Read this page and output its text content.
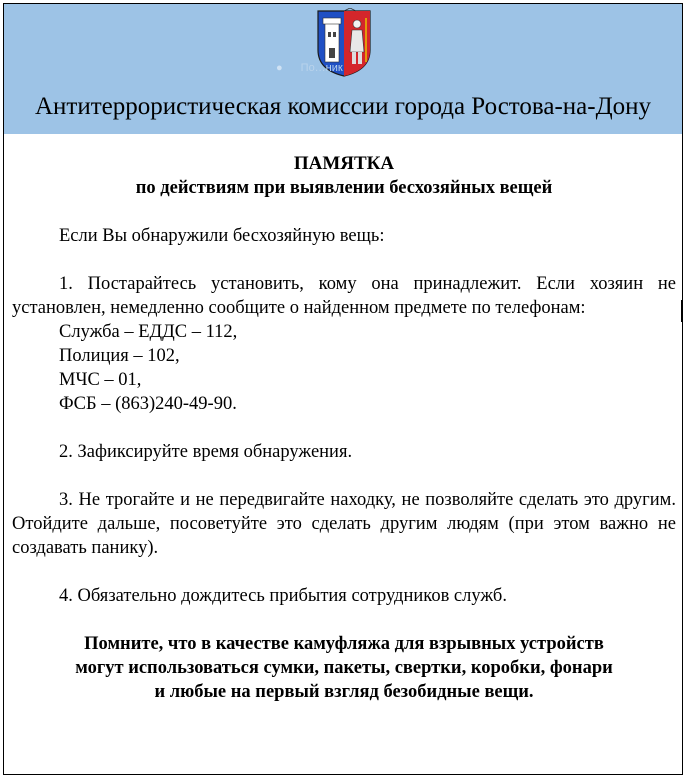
● По…ник
Антитеррористическая комиссии города Ростова-на-Дону
ПАМЯТКА
по действиям при выявлении бесхозяйных вещей

Если Вы обнаружили бесхозяйную вещь:

1. Постарайтесь установить, кому она принадлежит. Если хозяин не установлен, немедленно сообщите о найденном предмете по телефонам:

Служба – ЕДДС – 112,
Полиция – 102,
МЧС – 01,
ФСБ – (863)240-49-90.

2. Зафиксируйте время обнаружения.

3. Не трогайте и не передвигайте находку, не позволяйте сделать это другим. Отойдите дальше, посоветуйте это сделать другим людям (при этом важно не создавать панику).

4. Обязательно дождитесь прибытия сотрудников служб.

Помните, что в качестве камуфляжа для взрывных устройств
могут использоваться сумки, пакеты, свертки, коробки, фонари
и любые на первый взгляд безобидные вещи.
